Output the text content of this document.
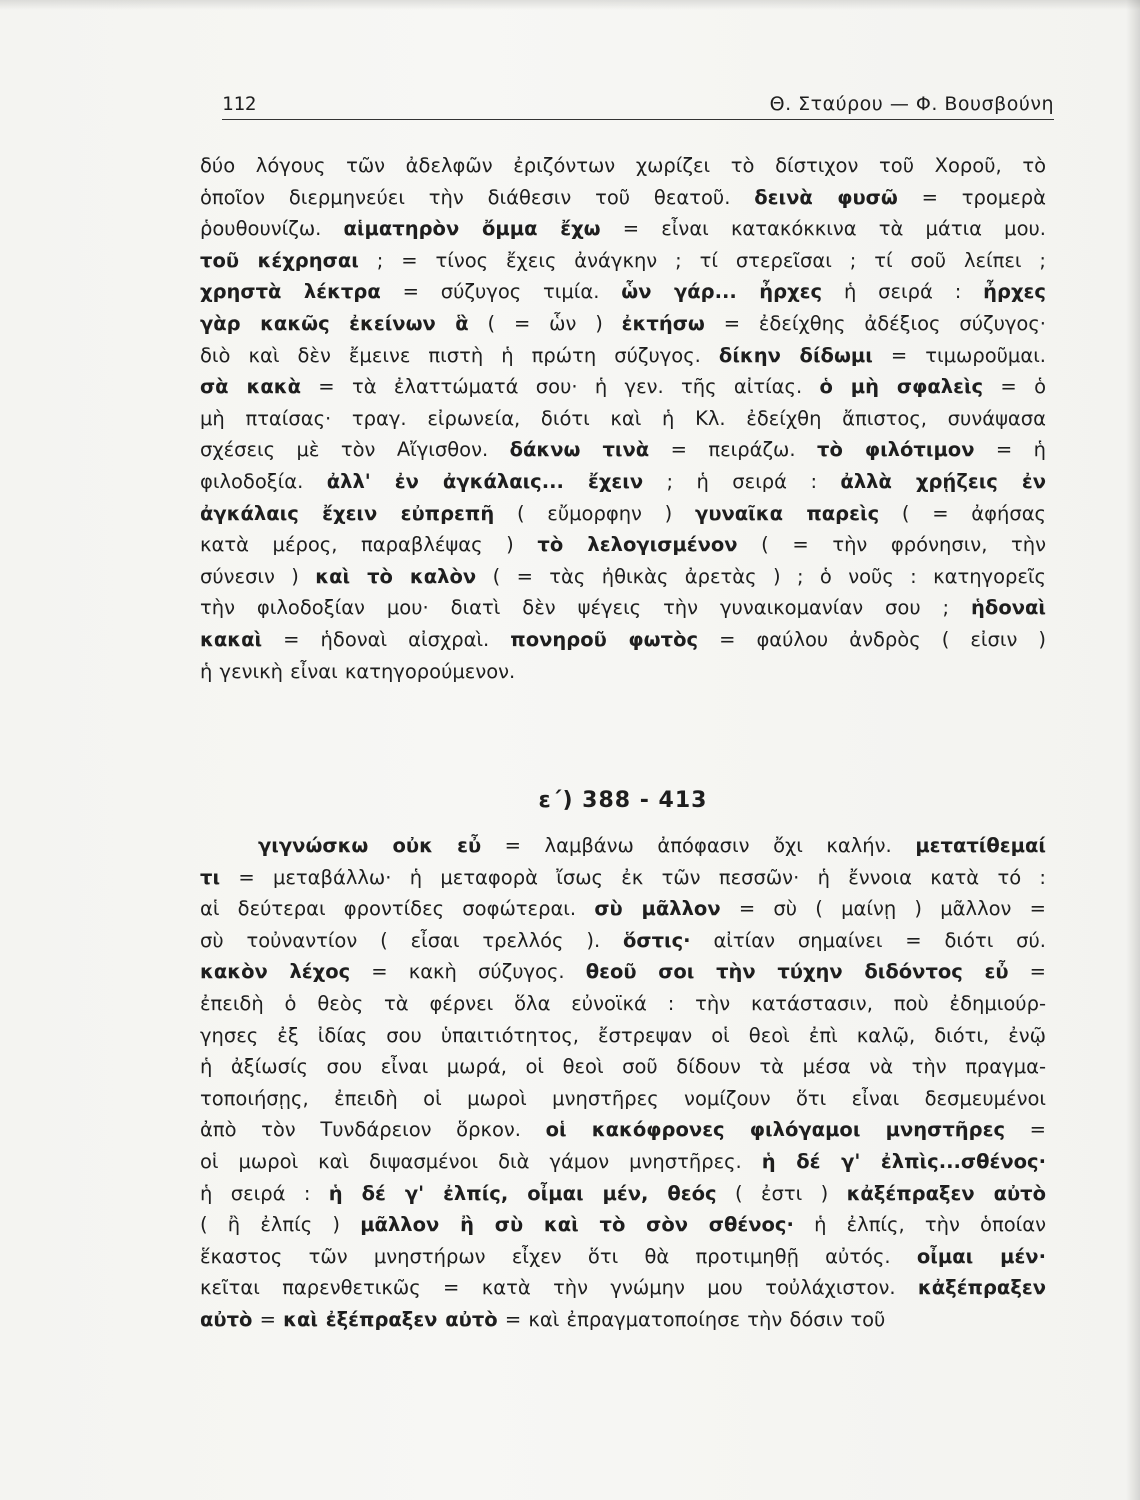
112	Θ. Σταύρου — Φ. Βουσβούνη
δύο λόγους τῶν ἀδελφῶν ἐριζόντων χωρίζει τὸ δίστιχον τοῦ Χοροῦ, τὸ
ὁποῖον διερμηνεύει τὴν διάθεσιν τοῦ θεατοῦ. δεινὰ φυσῶ = τρομερὰ
ῥουθουνίζω. αἱματηρὸν ὄμμα ἔχω = εἶναι κατακόκκινα τὰ μάτια μου.
τοῦ κέχρησαι ; = τίνος ἔχεις ἀνάγκην ; τί στερεῖσαι ; τί σοῦ λείπει ;
χρηστὰ λέκτρα = σύζυγος τιμία. ὧν γάρ... ἦρχες ἡ σειρά : ἦρχες
γὰρ κακῶς ἐκείνων ἃ ( = ὧν ) ἐκτήσω = ἐδείχθης ἀδέξιος σύζυγος·
διὸ καὶ δὲν ἔμεινε πιστὴ ἡ πρώτη σύζυγος. δίκην δίδωμι = τιμωροῦμαι.
σὰ κακὰ = τὰ ἐλαττώματά σου· ἡ γεν. τῆς αἰτίας. ὁ μὴ σφαλεὶς = ὁ
μὴ πταίσας· τραγ. εἰρωνεία, διότι καὶ ἡ Κλ. ἐδείχθη ἄπιστος, συνάψασα
σχέσεις μὲ τὸν Αἴγισθον. δάκνω τινὰ = πειράζω. τὸ φιλότιμον = ἡ
φιλοδοξία. ἀλλ' ἐν ἀγκάλαις... ἔχειν ; ἡ σειρά : ἀλλὰ χρῄζεις ἐν
ἀγκάλαις ἔχειν εὐπρεπῆ ( εὔμορφην ) γυναῖκα παρεὶς ( = ἀφήσας
κατὰ μέρος, παραβλέψας ) τὸ λελογισμένον ( = τὴν φρόνησιν, τὴν
σύνεσιν ) καὶ τὸ καλὸν ( = τὰς ἠθικὰς ἀρετὰς ) ; ὁ νοῦς : κατηγορεῖς
τὴν φιλοδοξίαν μου· διατὶ δὲν ψέγεις τὴν γυναικομανίαν σου ; ἡδοναὶ
κακαὶ = ἡδοναὶ αἰσχραὶ. πονηροῦ φωτὸς = φαύλου ἀνδρὸς ( εἰσιν )
ἡ γενικὴ εἶναι κατηγορούμενον.
ε΄) 388 - 413
γιγνώσκω οὐκ εὖ = λαμβάνω ἀπόφασιν ὄχι καλήν. μετατίθεμαί
τι = μεταβάλλω· ἡ μεταφορὰ ἴσως ἐκ τῶν πεσσῶν· ἡ ἔννοια κατὰ τό :
αἱ δεύτεραι φροντίδες σοφώτεραι. σὺ μᾶλλον = σὺ ( μαίνῃ ) μᾶλλον =
σὺ τοὐναντίον ( εἶσαι τρελλός ). ὅστις· αἰτίαν σημαίνει = διότι σύ.
κακὸν λέχος = κακὴ σύζυγος. θεοῦ σοι τὴν τύχην διδόντος εὖ =
ἐπειδὴ ὁ θεὸς τὰ φέρνει ὅλα εὐνοϊκά : τὴν κατάστασιν, ποὺ ἐδημιούρ-
γησες ἐξ ἰδίας σου ὑπαιτιότητος, ἔστρεψαν οἱ θεοὶ ἐπὶ καλῷ, διότι, ἐνῷ
ἡ ἀξίωσίς σου εἶναι μωρά, οἱ θεοὶ σοῦ δίδουν τὰ μέσα νὰ τὴν πραγμα-
τοποιήσῃς, ἐπειδὴ οἱ μωροὶ μνηστῆρες νομίζουν ὅτι εἶναι δεσμευμένοι
ἀπὸ τὸν Τυνδάρειον ὅρκον. οἱ κακόφρονες φιλόγαμοι μνηστῆρες =
οἱ μωροὶ καὶ διψασμένοι διὰ γάμον μνηστῆρες. ἡ δέ γ' ἐλπὶς...σθένος·
ἡ σειρά : ἡ δέ γ' ἐλπίς, οἶμαι μέν, θεός ( ἐστι ) κἀξέπραξεν αὐτὸ
( ἢ ἐλπίς ) μᾶλλον ἢ σὺ καὶ τὸ σὸν σθένος· ἡ ἐλπίς, τὴν ὁποίαν
ἕκαστος τῶν μνηστήρων εἶχεν ὅτι θὰ προτιμηθῇ αὐτός. οἶμαι μέν·
κεῖται παρενθετικῶς = κατὰ τὴν γνώμην μου τοὐλάχιστον. κἀξέπραξεν
αὐτὸ = καὶ ἐξέπραξεν αὐτὸ = καὶ ἐπραγματοποίησε τὴν δόσιν τοῦ
